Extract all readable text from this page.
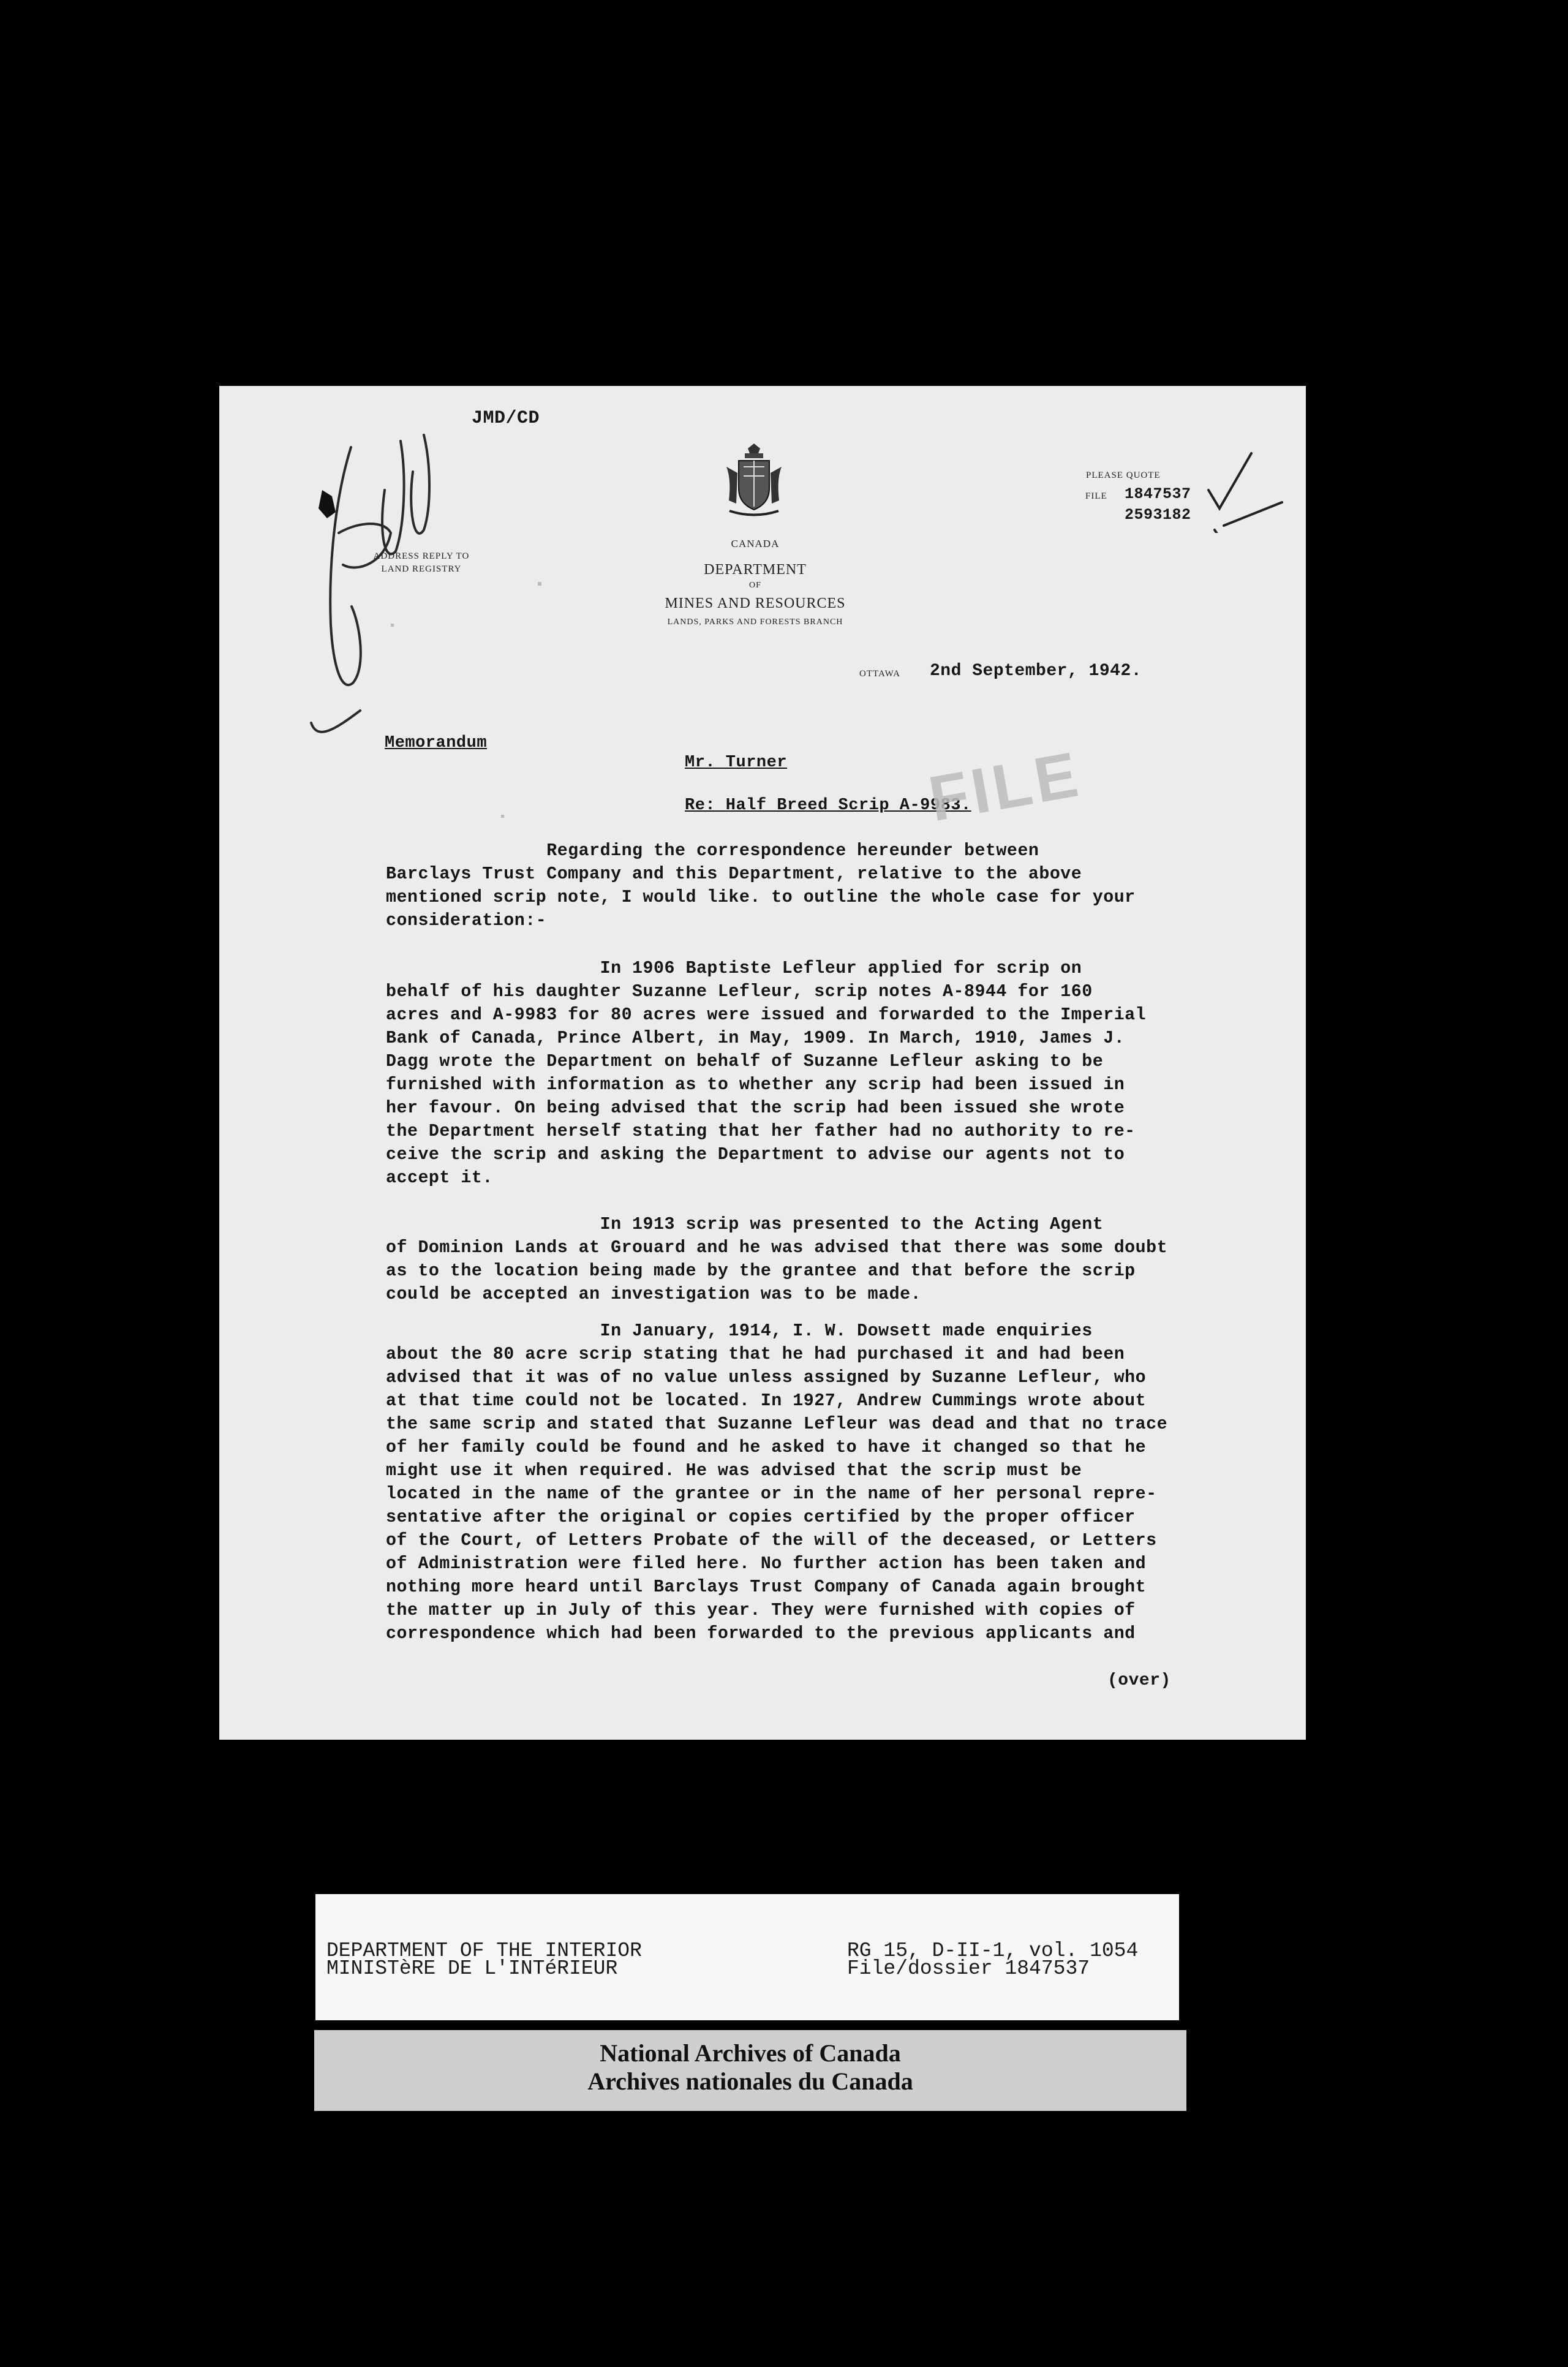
JMD/CD
CANADA
DEPARTMENT
OF
MINES AND RESOURCES
LANDS, PARKS AND FORESTS BRANCH
ADDRESS REPLY TO
LAND REGISTRY
PLEASE QUOTE
FILE 1847537
2593182
OTTAWA 2nd September, 1942.
Memorandum
Mr. Turner
Re: Half Breed Scrip A-9983.
FILE
Regarding the correspondence hereunder between
Barclays Trust Company and this Department, relative to the above
mentioned scrip note, I would like. to outline the whole case for your
consideration:-
In 1906 Baptiste Lefleur applied for scrip on
behalf of his daughter Suzanne Lefleur, scrip notes A-8944 for 160
acres and A-9983 for 80 acres were issued and forwarded to the Imperial
Bank of Canada, Prince Albert, in May, 1909. In March, 1910, James J.
Dagg wrote the Department on behalf of Suzanne Lefleur asking to be
furnished with information as to whether any scrip had been issued in
her favour. On being advised that the scrip had been issued she wrote
the Department herself stating that her father had no authority to re-
ceive the scrip and asking the Department to advise our agents not to
accept it.
In 1913 scrip was presented to the Acting Agent
of Dominion Lands at Grouard and he was advised that there was some doubt
as to the location being made by the grantee and that before the scrip
could be accepted an investigation was to be made.
In January, 1914, I. W. Dowsett made enquiries
about the 80 acre scrip stating that he had purchased it and had been
advised that it was of no value unless assigned by Suzanne Lefleur, who
at that time could not be located. In 1927, Andrew Cummings wrote about
the same scrip and stated that Suzanne Lefleur was dead and that no trace
of her family could be found and he asked to have it changed so that he
might use it when required. He was advised that the scrip must be
located in the name of the grantee or in the name of her personal repre-
sentative after the original or copies certified by the proper officer
of the Court, of Letters Probate of the will of the deceased, or Letters
of Administration were filed here. No further action has been taken and
nothing more heard until Barclays Trust Company of Canada again brought
the matter up in July of this year. They were furnished with copies of
correspondence which had been forwarded to the previous applicants and
(over)
DEPARTMENT OF THE INTERIOR
MINISTèRE DE L'INTéRIEUR
RG 15, D-II-1, vol. 1054
File/dossier 1847537
National Archives of Canada
Archives nationales du Canada
